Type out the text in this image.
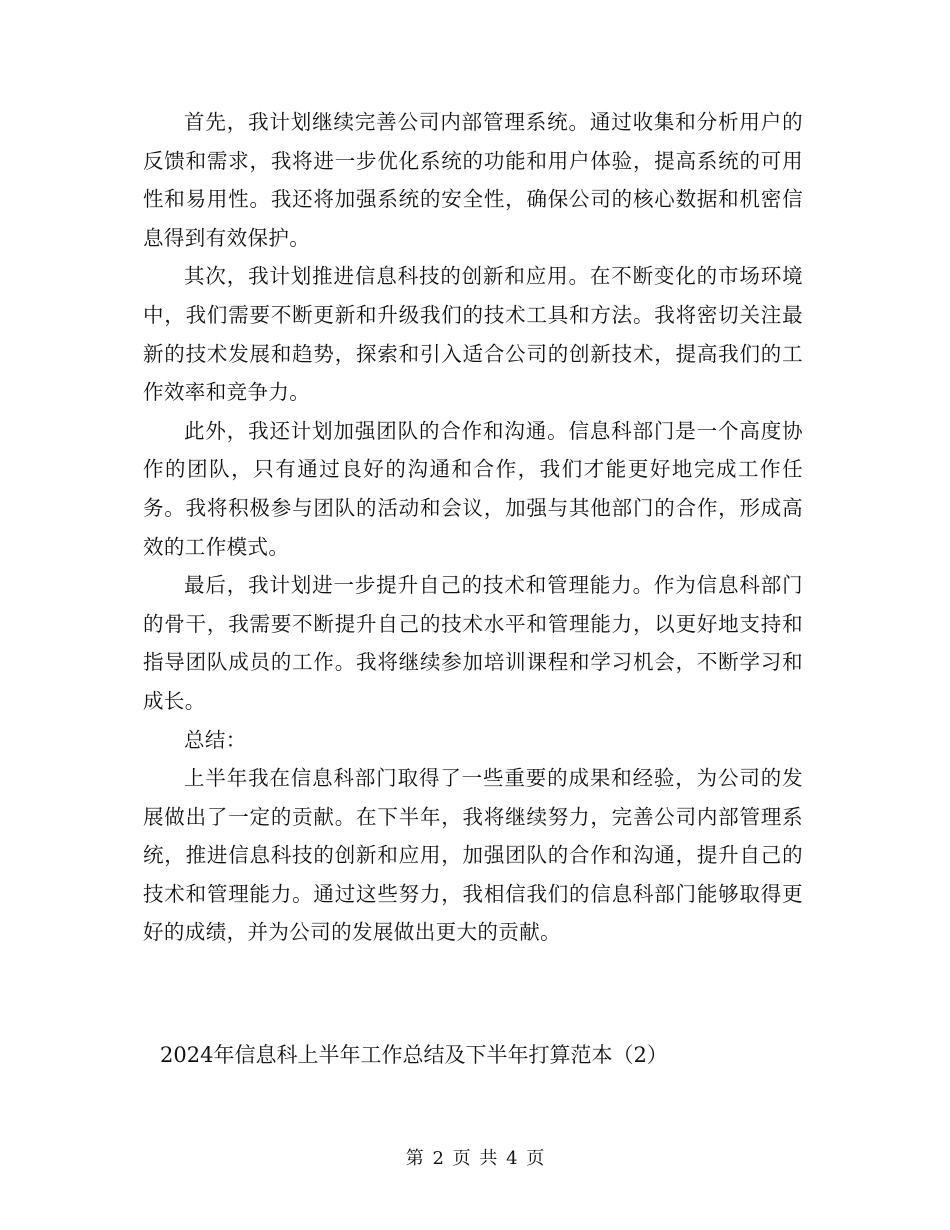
首先，我计划继续完善公司内部管理系统。通过收集和分析用户的反馈和需求，我将进一步优化系统的功能和用户体验，提高系统的可用性和易用性。我还将加强系统的安全性，确保公司的核心数据和机密信息得到有效保护。

其次，我计划推进信息科技的创新和应用。在不断变化的市场环境中，我们需要不断更新和升级我们的技术工具和方法。我将密切关注最新的技术发展和趋势，探索和引入适合公司的创新技术，提高我们的工作效率和竞争力。

此外，我还计划加强团队的合作和沟通。信息科部门是一个高度协作的团队，只有通过良好的沟通和合作，我们才能更好地完成工作任务。我将积极参与团队的活动和会议，加强与其他部门的合作，形成高效的工作模式。

最后，我计划进一步提升自己的技术和管理能力。作为信息科部门的骨干，我需要不断提升自己的技术水平和管理能力，以更好地支持和指导团队成员的工作。我将继续参加培训课程和学习机会，不断学习和成长。

总结：

上半年我在信息科部门取得了一些重要的成果和经验，为公司的发展做出了一定的贡献。在下半年，我将继续努力，完善公司内部管理系统，推进信息科技的创新和应用，加强团队的合作和沟通，提升自己的技术和管理能力。通过这些努力，我相信我们的信息科部门能够取得更好的成绩，并为公司的发展做出更大的贡献。

2024年信息科上半年工作总结及下半年打算范本（2）
第 2 页 共 4 页
